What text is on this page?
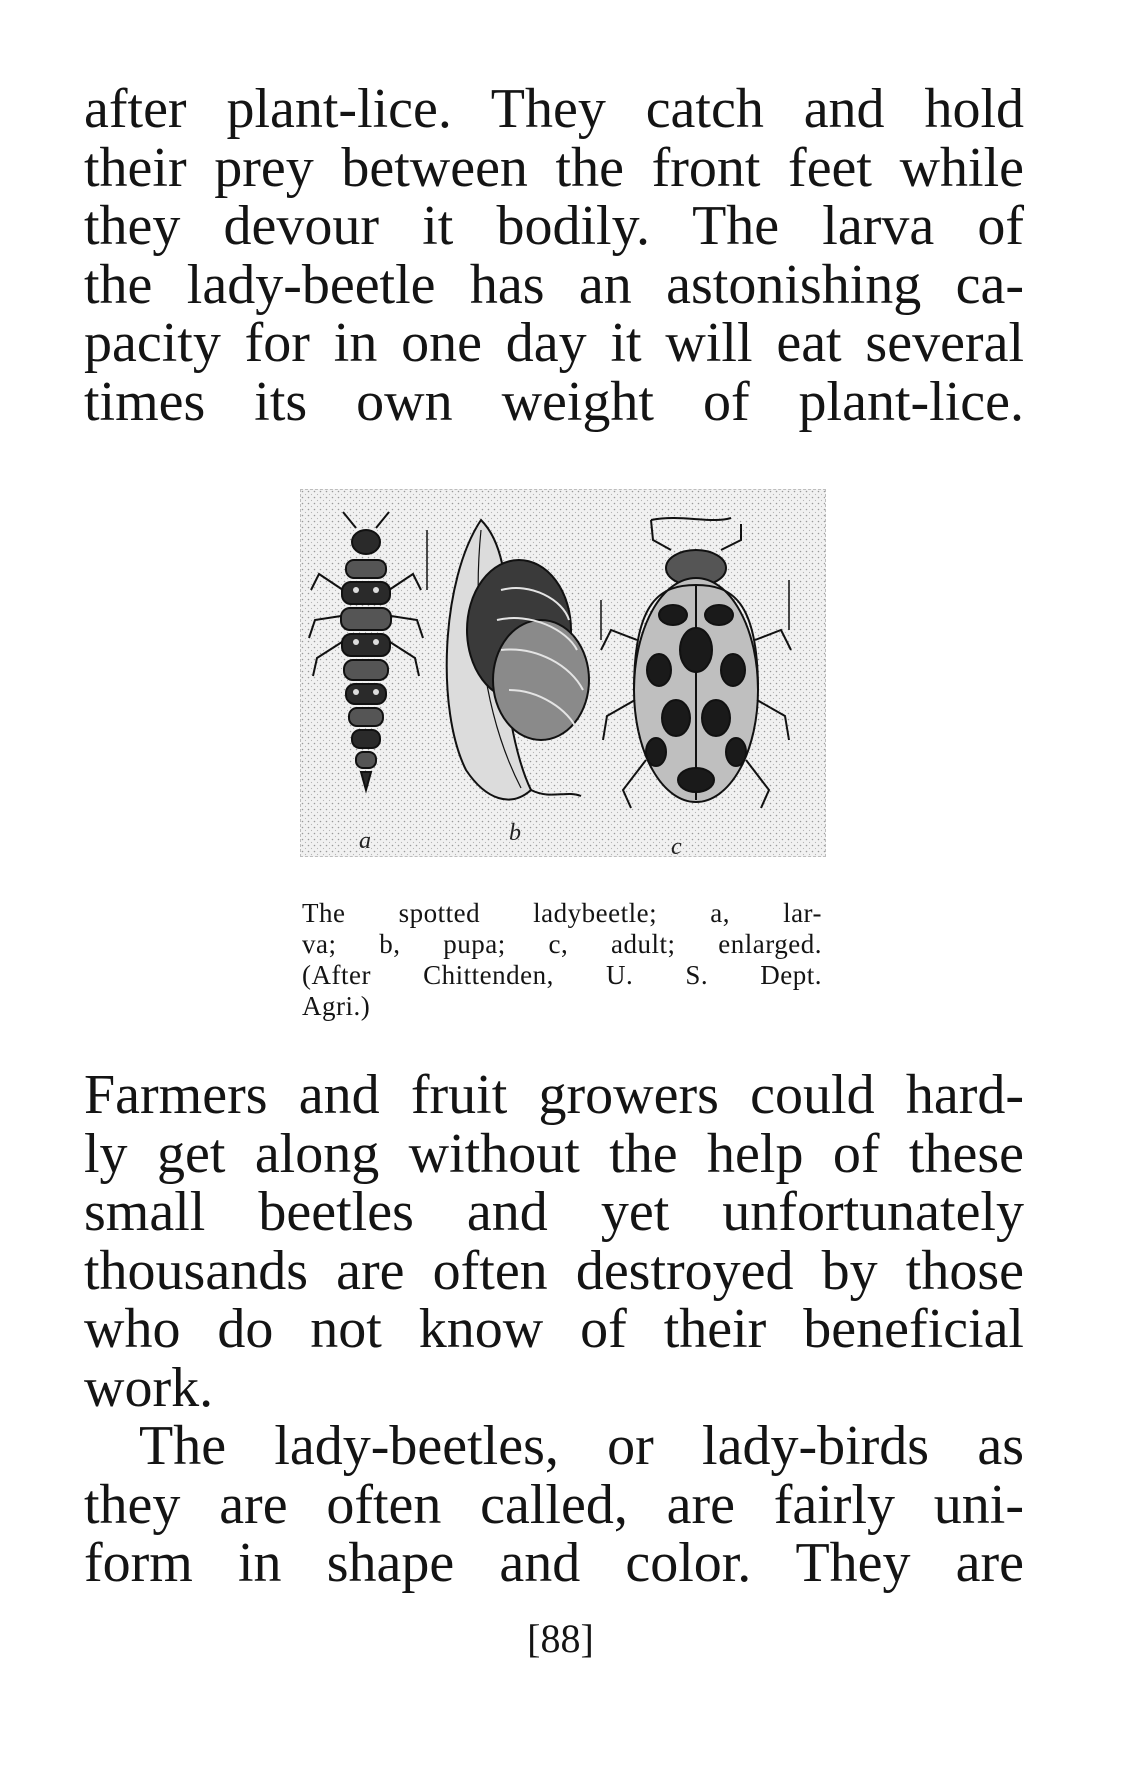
after plant-lice. They catch and hold
their prey between the front feet while
they devour it bodily. The larva of
the lady-beetle has an astonishing ca-
pacity for in one day it will eat several
times its own weight of plant-lice.

a	b
c
The spotted ladybeetle; a, lar-
va; b, pupa; c, adult; enlarged.
(After Chittenden, U. S. Dept.
Agri.)

Farmers and fruit growers could hard-
ly get along without the help of these
small beetles and yet unfortunately
thousands are often destroyed by those
who do not know of their beneficial
work.

The lady-beetles, or lady-birds as
they are often called, are fairly uni-
form in shape and color. They are

[88]
